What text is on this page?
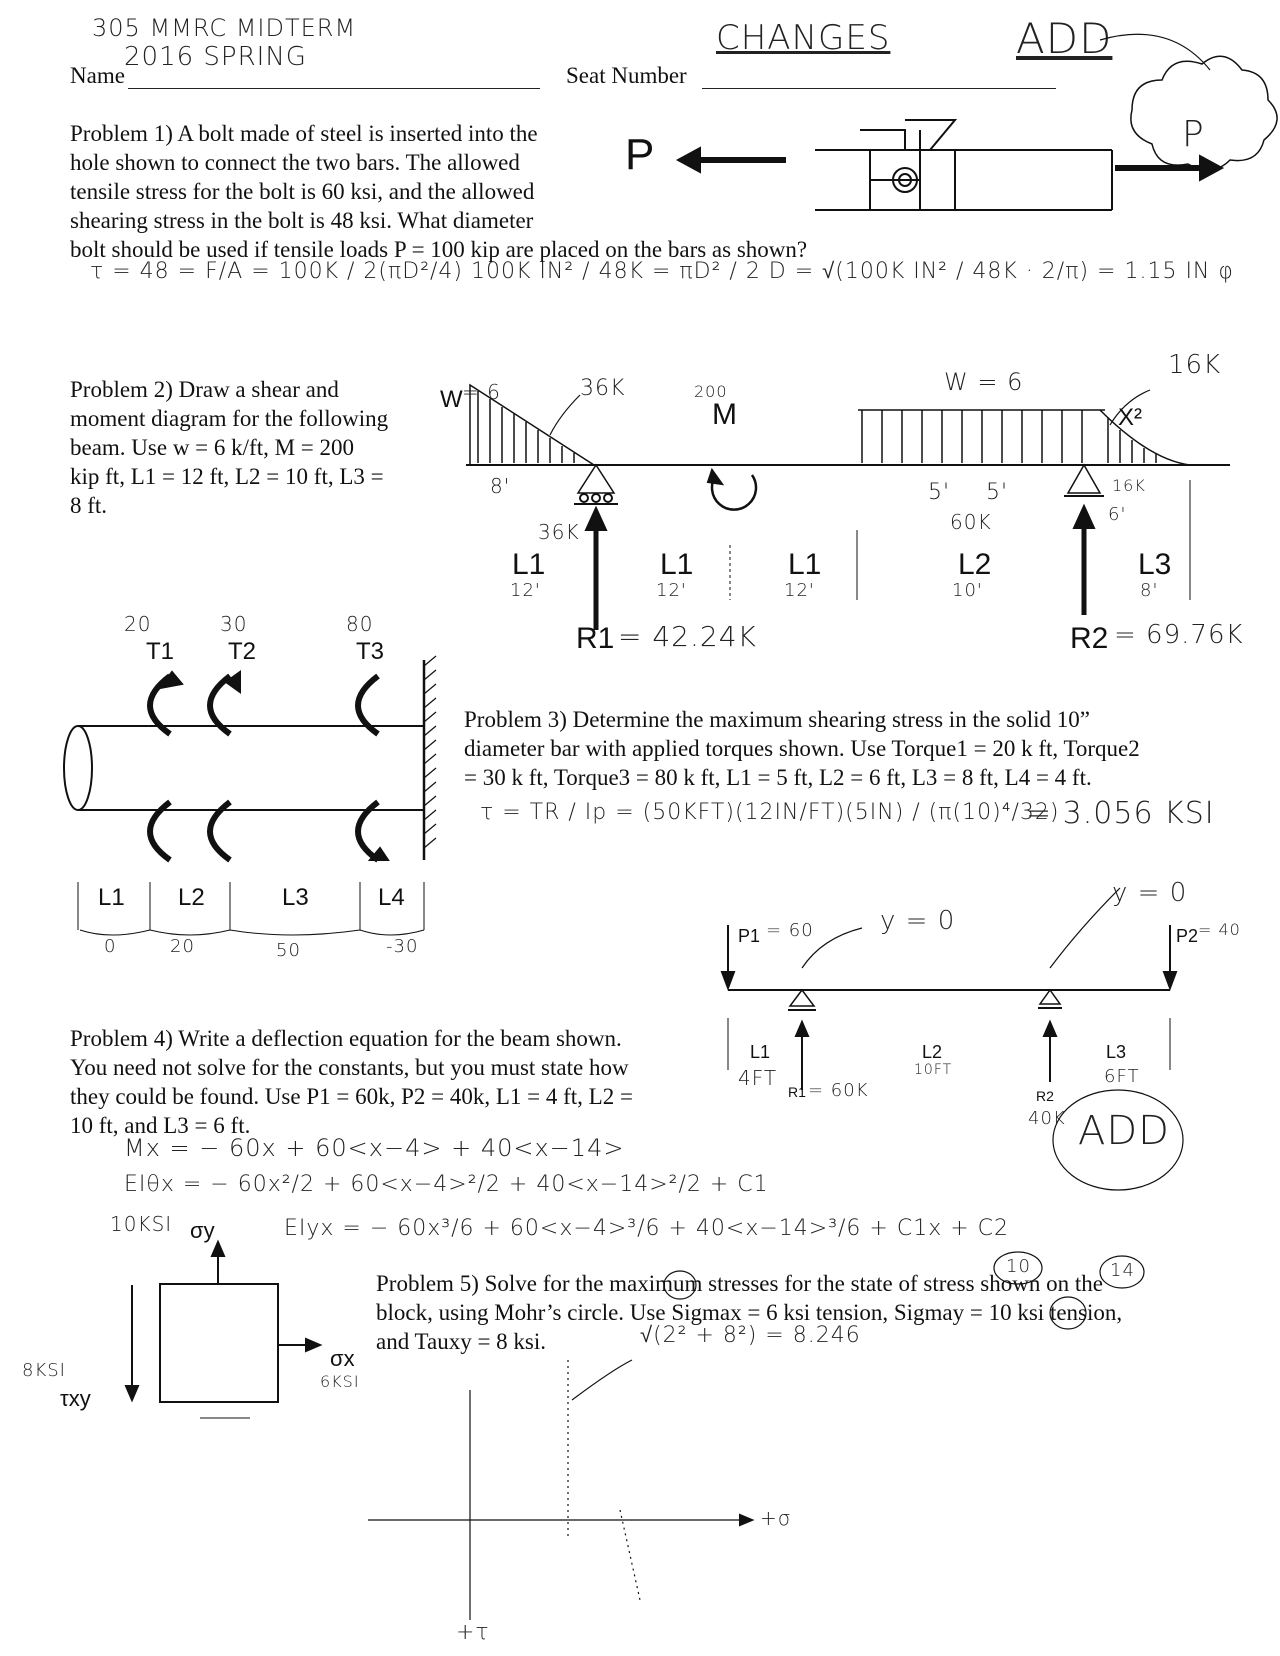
305 MMRC MIDTERM
2016 SPRING
Name	Seat Number
CHANGES	ADD
Problem 1) A bolt made of steel is inserted into the
hole shown to connect the two bars. The allowed
tensile stress for the bolt is 60 ksi, and the allowed
shearing stress in the bolt is 48 ksi. What diameter
bolt should be used if tensile loads P = 100 kip are placed on the bars as shown?
P	P
τ = 48 = F/A = 100K / 2(πD²/4) 100K IN² / 48K = πD² / 2 D = √(100K IN² / 48K · 2/π) = 1.15 IN φ
Problem 2) Draw a shear and
moment diagram for the following
beam. Use w = 6 k/ft, M = 200
kip ft, L1 = 12 ft, L2 = 10 ft, L3 =
8 ft.
W = 6	36K
8'
36K
200
M
W = 6
16K
X²
5' 5'
60K
16K
6'
L1	L1	L1	L2	L3
12'	12'	12'	10'	8'
R1 = 42.24K	R2 = 69.76K
20	30	80
T1 T2	T3
Problem 3) Determine the maximum shearing stress in the solid 10”
diameter bar with applied torques shown. Use Torque1 = 20 k ft, Torque2
= 30 k ft, Torque3 = 80 k ft, L1 = 5 ft, L2 = 6 ft, L3 = 8 ft, L4 = 4 ft.
τ = TR / Ip = (50KFT)(12IN/FT)(5IN) / (π(10)⁴/32)
= 3.056 KSI
L1 L2	L3	L4
0	20	50	-30	P1 = 60	P2 = 40
y = 0
y = 0
L1	L2	L3
4FT	10FT	6FT
R1 = 60K	R2
40K ADD
Problem 4) Write a deflection equation for the beam shown.
You need not solve for the constants, but you must state how
they could be found. Use P1 = 60k, P2 = 40k, L1 = 4 ft, L2 =
10 ft, and L3 = 6 ft.
Mx = − 60x + 60<x−4> + 40<x−14>
EIθx = − 60x²/2 + 60<x−4>²/2 + 40<x−14>²/2 + C1
EIyx = − 60x³/6 + 60<x−4>³/6 + 40<x−14>³/6 + C1x + C2
10	14
10KSI σy
σx
6KSI
8KSI
τxy
Problem 5) Solve for the maximum stresses for the state of stress shown on the
block, using Mohr’s circle. Use Sigmax = 6 ksi tension, Sigmay = 10 ksi tension,
and Tauxy = 8 ksi.	√(2² + 8²) = 8.246
+σ
+τ
